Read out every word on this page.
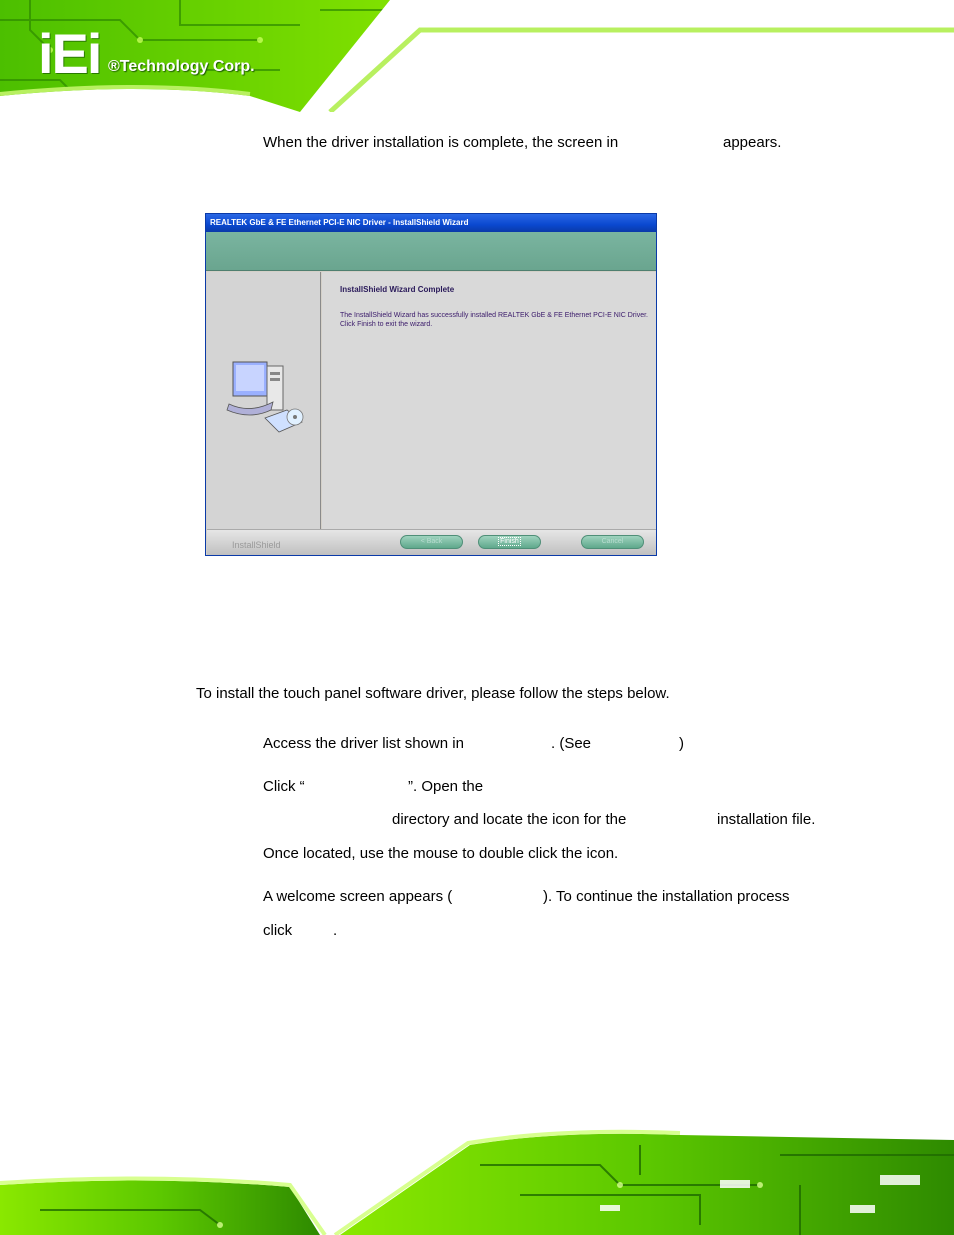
iEi ®Technology Corp.
When the driver installation is complete, the screen in	appears.
REALTEK GbE & FE Ethernet PCI-E NIC Driver - InstallShield Wizard
InstallShield Wizard Complete
The InstallShield Wizard has successfully installed REALTEK GbE & FE Ethernet PCI-E NIC Driver.
Click Finish to exit the wizard.
InstallShield	< Back	Finish	Cancel
To install the touch panel software driver, please follow the steps below.
Access the driver list shown in	. (See	)
Click “	”. Open the
directory and locate the icon for the	installation file.
Once located, use the mouse to double click the icon.
A welcome screen appears (	). To continue the installation process
click	.
